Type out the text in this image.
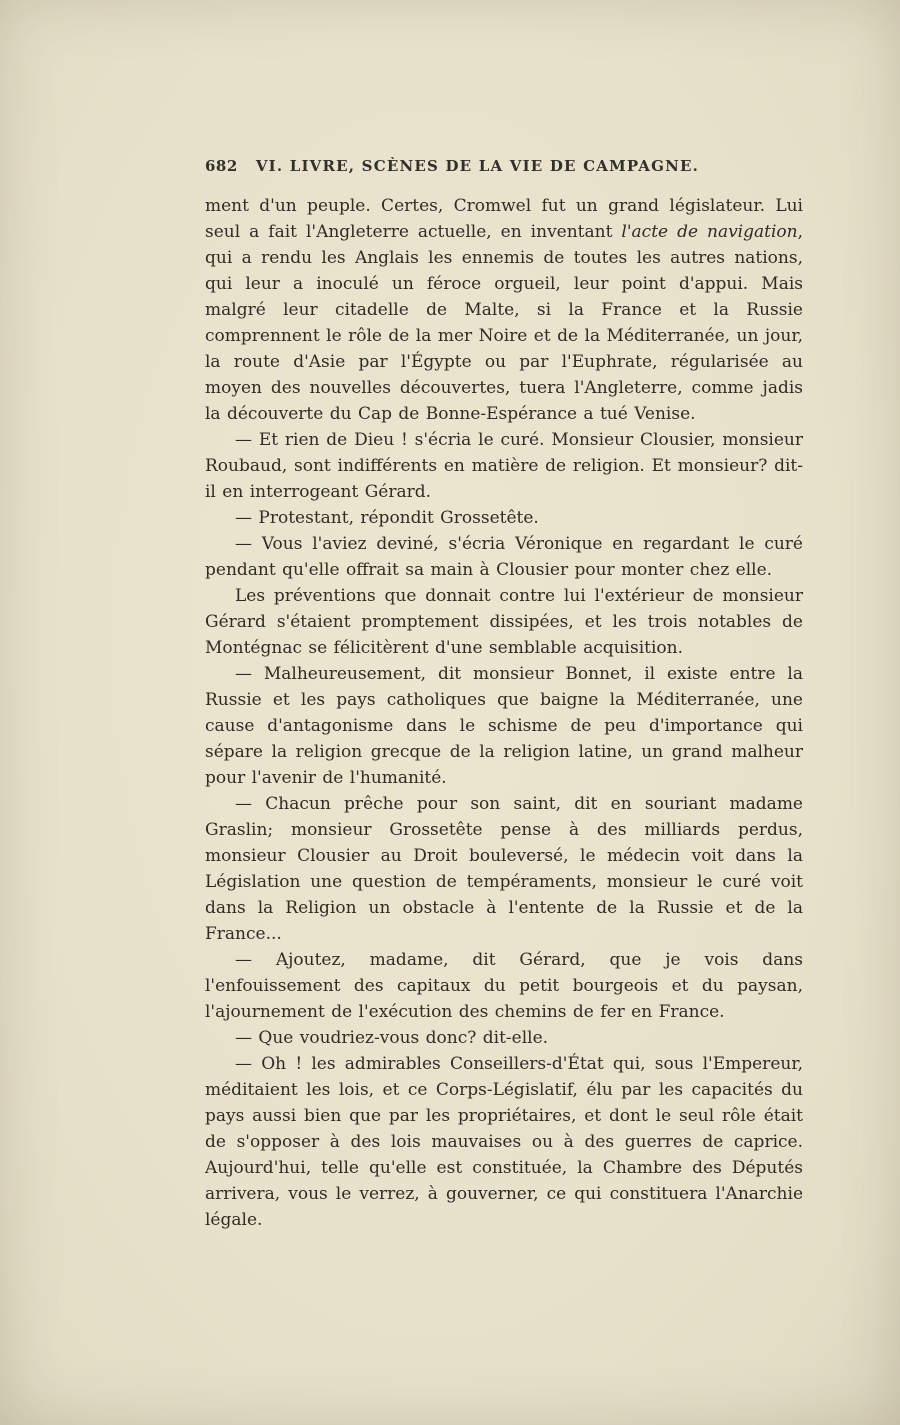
682 VI. LIVRE, SCÈNES DE LA VIE DE CAMPAGNE.

ment d'un peuple. Certes, Cromwel fut un grand législateur. Lui seul a fait l'Angleterre actuelle, en inventant l'acte de navigation, qui a rendu les Anglais les ennemis de toutes les autres nations, qui leur a inoculé un féroce orgueil, leur point d'appui. Mais malgré leur citadelle de Malte, si la France et la Russie comprennent le rôle de la mer Noire et de la Méditerranée, un jour, la route d'Asie par l'Égypte ou par l'Euphrate, régularisée au moyen des nouvelles découvertes, tuera l'Angleterre, comme jadis la découverte du Cap de Bonne-Espérance a tué Venise.

— Et rien de Dieu ! s'écria le curé. Monsieur Clousier, monsieur Roubaud, sont indifférents en matière de religion. Et monsieur? dit-il en interrogeant Gérard.

— Protestant, répondit Grossetête.

— Vous l'aviez deviné, s'écria Véronique en regardant le curé pendant qu'elle offrait sa main à Clousier pour monter chez elle.

Les préventions que donnait contre lui l'extérieur de monsieur Gérard s'étaient promptement dissipées, et les trois notables de Montégnac se félicitèrent d'une semblable acquisition.

— Malheureusement, dit monsieur Bonnet, il existe entre la Russie et les pays catholiques que baigne la Méditerranée, une cause d'antagonisme dans le schisme de peu d'importance qui sépare la religion grecque de la religion latine, un grand malheur pour l'avenir de l'humanité.

— Chacun prêche pour son saint, dit en souriant madame Graslin; monsieur Grossetête pense à des milliards perdus, monsieur Clousier au Droit bouleversé, le médecin voit dans la Législation une question de tempéraments, monsieur le curé voit dans la Religion un obstacle à l'entente de la Russie et de la France...

— Ajoutez, madame, dit Gérard, que je vois dans l'enfouissement des capitaux du petit bourgeois et du paysan, l'ajournement de l'exécution des chemins de fer en France.

— Que voudriez-vous donc? dit-elle.

— Oh ! les admirables Conseillers-d'État qui, sous l'Empereur, méditaient les lois, et ce Corps-Législatif, élu par les capacités du pays aussi bien que par les propriétaires, et dont le seul rôle était de s'opposer à des lois mauvaises ou à des guerres de caprice. Aujourd'hui, telle qu'elle est constituée, la Chambre des Députés arrivera, vous le verrez, à gouverner, ce qui constituera l'Anarchie légale.
